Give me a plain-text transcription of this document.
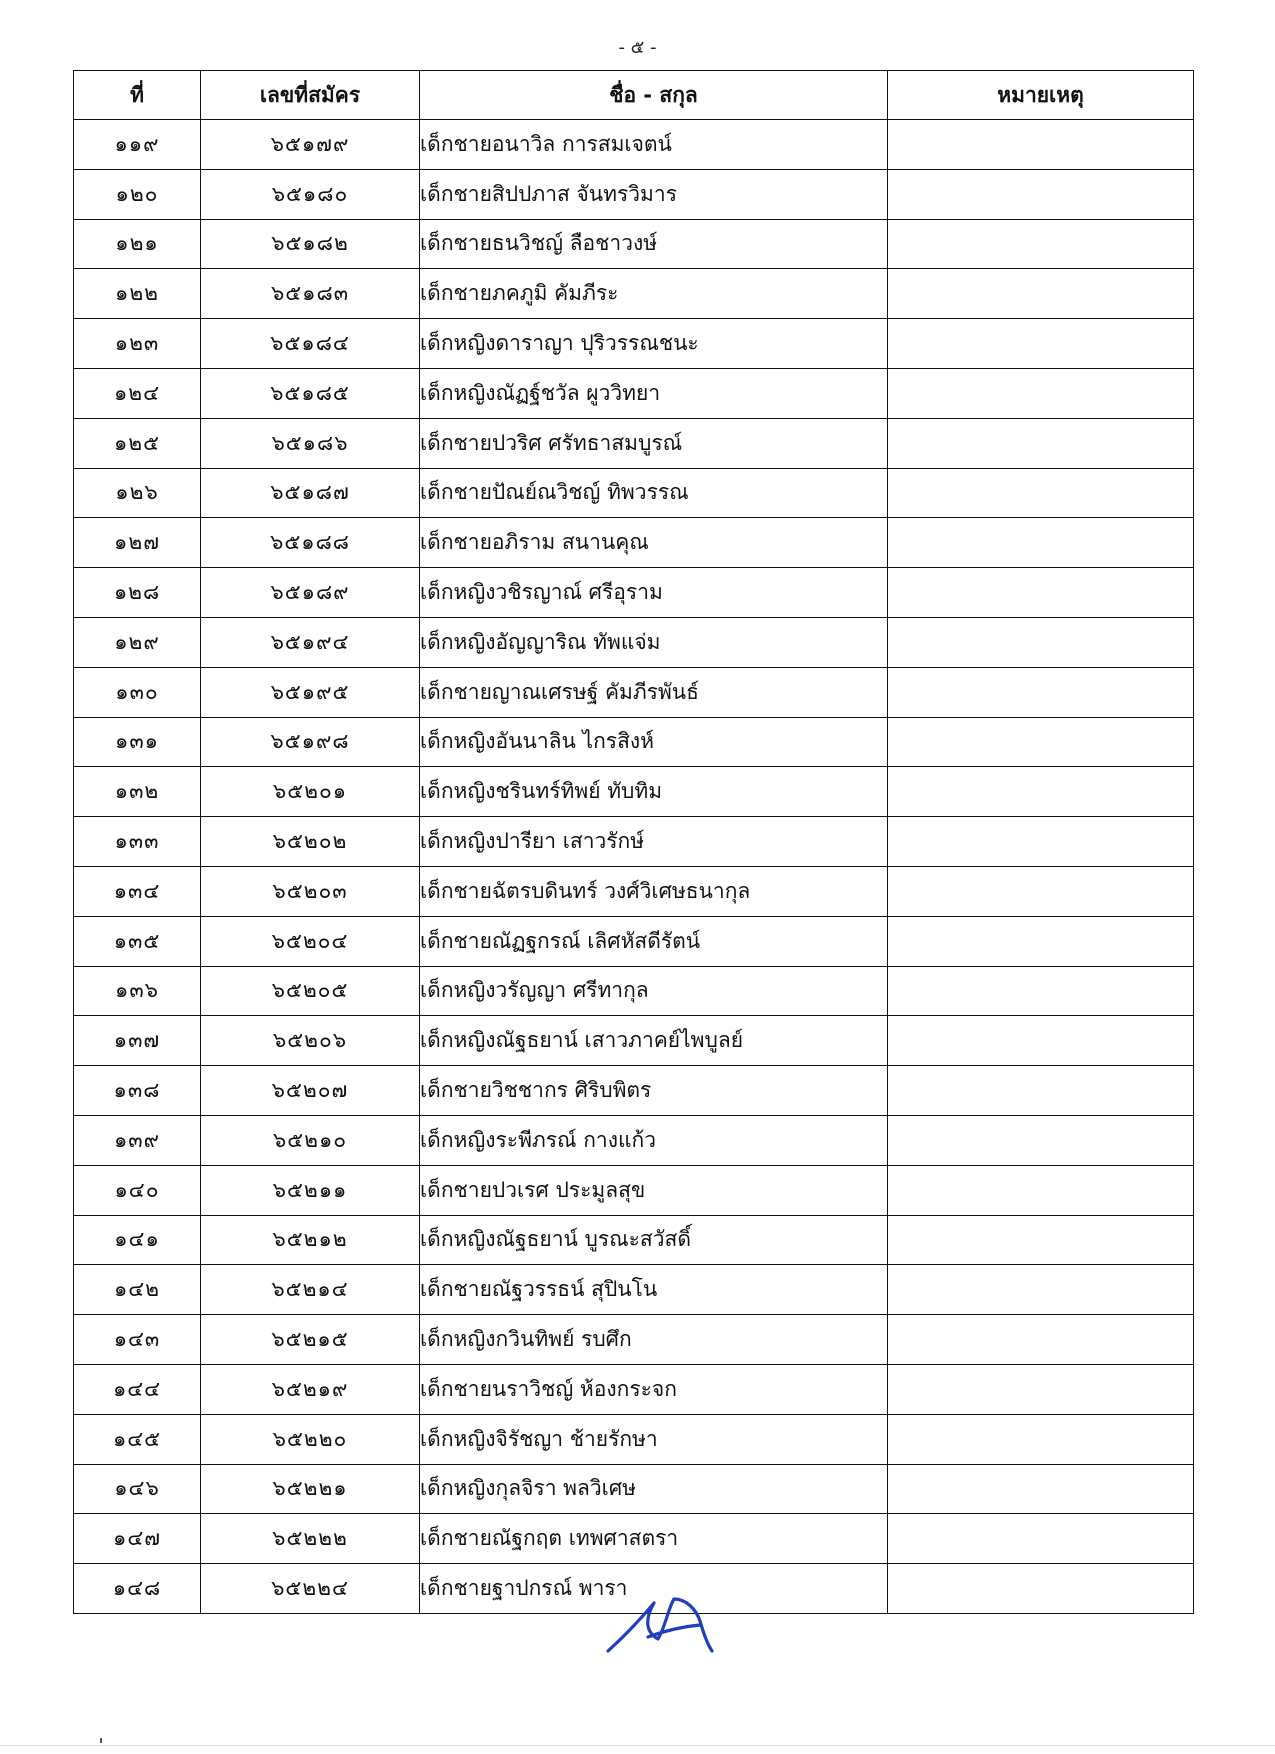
- ๕ -
ที่	เลขที่สมัคร	ชื่อ - สกุล	หมายเหตุ
๑๑๙	๖๕๑๗๙	เด็กชายอนาวิล การสมเจตน์	
๑๒๐	๖๕๑๘๐	เด็กชายสิปปภาส จันทรวิมาร	
๑๒๑	๖๕๑๘๒	เด็กชายธนวิชญ์ ลือชาวงษ์	
๑๒๒	๖๕๑๘๓	เด็กชายภคภูมิ คัมภีระ	
๑๒๓	๖๕๑๘๔	เด็กหญิงดาราญา ปุริวรรณชนะ	
๑๒๔	๖๕๑๘๕	เด็กหญิงณัฏฐ์ชวัล ผูววิทยา	
๑๒๕	๖๕๑๘๖	เด็กชายปวริศ ศรัทธาสมบูรณ์	
๑๒๖	๖๕๑๘๗	เด็กชายปัณย์ณวิชญ์ ทิพวรรณ	
๑๒๗	๖๕๑๘๘	เด็กชายอภิราม สนานคุณ	
๑๒๘	๖๕๑๘๙	เด็กหญิงวชิรญาณ์ ศรีอุราม	
๑๒๙	๖๕๑๙๔	เด็กหญิงอัญญาริณ ทัพแจ่ม	
๑๓๐	๖๕๑๙๕	เด็กชายญาณเศรษฐ์ คัมภีรพันธ์	
๑๓๑	๖๕๑๙๘	เด็กหญิงอันนาลิน ไกรสิงห์	
๑๓๒	๖๕๒๐๑	เด็กหญิงชรินทร์ทิพย์ ทับทิม	
๑๓๓	๖๕๒๐๒	เด็กหญิงปารียา เสาวรักษ์	
๑๓๔	๖๕๒๐๓	เด็กชายฉัตรบดินทร์ วงศ์วิเศษธนากุล	
๑๓๕	๖๕๒๐๔	เด็กชายณัฏฐกรณ์ เลิศหัสดีรัตน์	
๑๓๖	๖๕๒๐๕	เด็กหญิงวรัญญา ศรีทากุล	
๑๓๗	๖๕๒๐๖	เด็กหญิงณัฐธยาน์ เสาวภาคย์ไพบูลย์	
๑๓๘	๖๕๒๐๗	เด็กชายวิชชากร ศิริบพิตร	
๑๓๙	๖๕๒๑๐	เด็กหญิงระพีภรณ์ กางแก้ว	
๑๔๐	๖๕๒๑๑	เด็กชายปวเรศ ประมูลสุข	
๑๔๑	๖๕๒๑๒	เด็กหญิงณัฐธยาน์ บูรณะสวัสดิ์	
๑๔๒	๖๕๒๑๔	เด็กชายณัฐวรรธน์ สุปินโน	
๑๔๓	๖๕๒๑๕	เด็กหญิงกวินทิพย์ รบศึก	
๑๔๔	๖๕๒๑๙	เด็กชายนราวิชญ์ ห้องกระจก	
๑๔๕	๖๕๒๒๐	เด็กหญิงจิรัชญา ช้ายรักษา	
๑๔๖	๖๕๒๒๑	เด็กหญิงกุลจิรา พลวิเศษ	
๑๔๗	๖๕๒๒๒	เด็กชายณัฐกฤต เทพศาสตรา	
๑๔๘	๖๕๒๒๔	เด็กชายฐาปกรณ์ พารา	
